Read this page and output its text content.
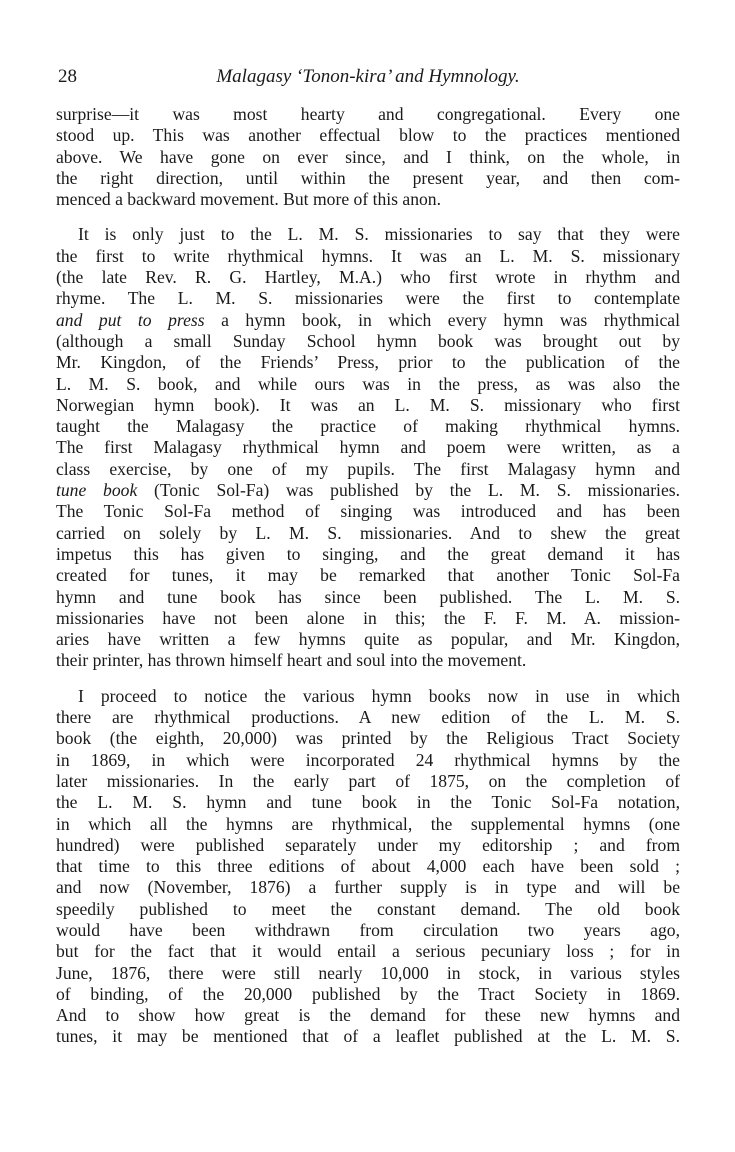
28	Malagasy ‘Tonon-kira’ and Hymnology.
surprise—it was most hearty and congregational. Every one
stood up. This was another effectual blow to the practices mentioned
above. We have gone on ever since, and I think, on the whole, in
the right direction, until within the present year, and then com-
menced a backward movement. But more of this anon.
It is only just to the L. M. S. missionaries to say that they were
the first to write rhythmical hymns. It was an L. M. S. missionary
(the late Rev. R. G. Hartley, M.A.) who first wrote in rhythm and
rhyme. The L. M. S. missionaries were the first to contemplate
and put to press a hymn book, in which every hymn was rhythmical
(although a small Sunday School hymn book was brought out by
Mr. Kingdon, of the Friends’ Press, prior to the publication of the
L. M. S. book, and while ours was in the press, as was also the
Norwegian hymn book). It was an L. M. S. missionary who first
taught the Malagasy the practice of making rhythmical hymns.
The first Malagasy rhythmical hymn and poem were written, as a
class exercise, by one of my pupils. The first Malagasy hymn and
tune book (Tonic Sol-Fa) was published by the L. M. S. missionaries.
The Tonic Sol-Fa method of singing was introduced and has been
carried on solely by L. M. S. missionaries. And to shew the great
impetus this has given to singing, and the great demand it has
created for tunes, it may be remarked that another Tonic Sol-Fa
hymn and tune book has since been published. The L. M. S.
missionaries have not been alone in this; the F. F. M. A. mission-
aries have written a few hymns quite as popular, and Mr. Kingdon,
their printer, has thrown himself heart and soul into the movement.
I proceed to notice the various hymn books now in use in which
there are rhythmical productions. A new edition of the L. M. S.
book (the eighth, 20,000) was printed by the Religious Tract Society
in 1869, in which were incorporated 24 rhythmical hymns by the
later missionaries. In the early part of 1875, on the completion of
the L. M. S. hymn and tune book in the Tonic Sol-Fa notation,
in which all the hymns are rhythmical, the supplemental hymns (one
hundred) were published separately under my editorship ; and from
that time to this three editions of about 4,000 each have been sold ;
and now (November, 1876) a further supply is in type and will be
speedily published to meet the constant demand. The old book
would have been withdrawn from circulation two years ago,
but for the fact that it would entail a serious pecuniary loss ; for in
June, 1876, there were still nearly 10,000 in stock, in various styles
of binding, of the 20,000 published by the Tract Society in 1869.
And to show how great is the demand for these new hymns and
tunes, it may be mentioned that of a leaflet published at the L. M. S.
